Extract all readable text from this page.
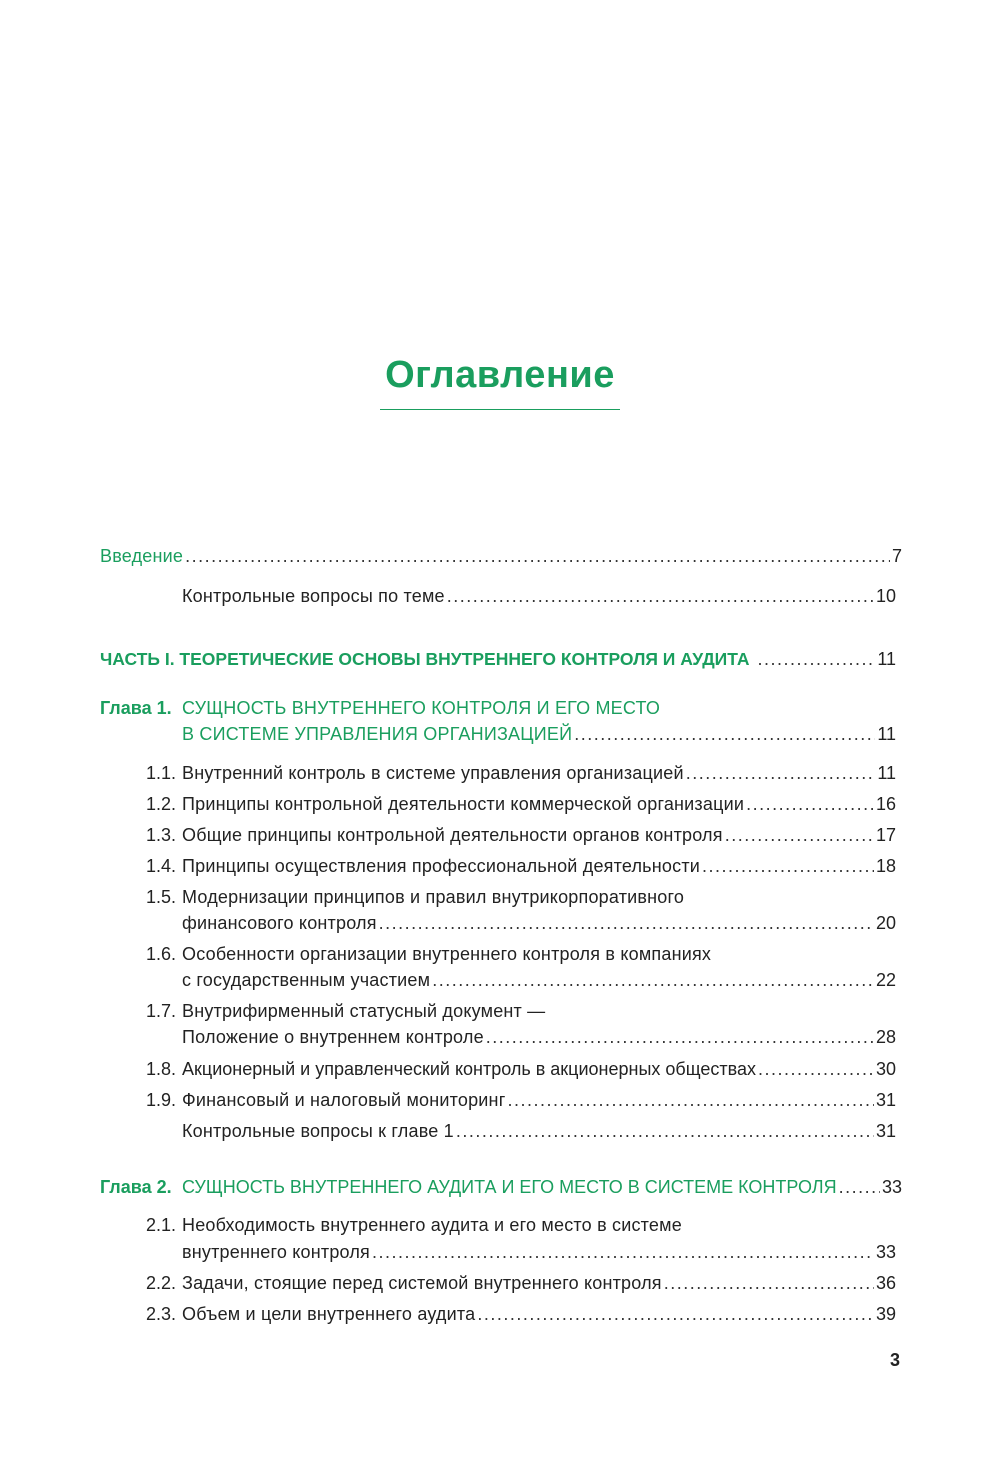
Оглавление
Введение .....	7
Контрольные вопросы по теме .....	10
ЧАСТЬ I. ТЕОРЕТИЧЕСКИЕ ОСНОВЫ ВНУТРЕННЕГО КОНТРОЛЯ И АУДИТА .....	11
Глава 1. СУЩНОСТЬ ВНУТРЕННЕГО КОНТРОЛЯ И ЕГО МЕСТО
В СИСТЕМЕ УПРАВЛЕНИЯ ОРГАНИЗАЦИЕЙ .....	11
1.1. Внутренний контроль в системе управления организацией .....	11
1.2. Принципы контрольной деятельности коммерческой организации .....	16
1.3. Общие принципы контрольной деятельности органов контроля .....	17
1.4. Принципы осуществления профессиональной деятельности .....	18
1.5. Модернизации принципов и правил внутрикорпоративного
финансового контроля .....	20
1.6. Особенности организации внутреннего контроля в компаниях
с государственным участием .....	22
1.7. Внутрифирменный статусный документ —
Положение о внутреннем контроле .....	28
1.8. Акционерный и управленческий контроль в акционерных обществах .....	30
1.9. Финансовый и налоговый мониторинг .....	31
Контрольные вопросы к главе 1 .....	31
Глава 2. СУЩНОСТЬ ВНУТРЕННЕГО АУДИТА И ЕГО МЕСТО В СИСТЕМЕ КОНТРОЛЯ .....	33
2.1. Необходимость внутреннего аудита и его место в системе
внутреннего контроля .....	33
2.2. Задачи, стоящие перед системой внутреннего контроля .....	36
2.3. Объем и цели внутреннего аудита .....	39
3
